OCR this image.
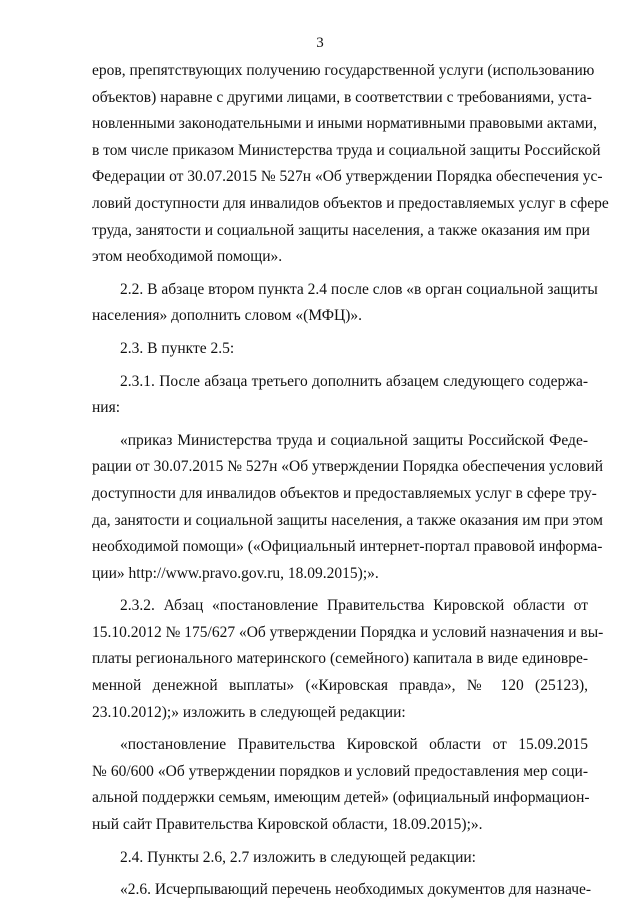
3
еров, препятствующих получению государственной услуги (использованию
объектов) наравне с другими лицами, в соответствии с требованиями, уста-
новленными законодательными и иными нормативными правовыми актами,
в том числе приказом Министерства труда и социальной защиты Российской
Федерации от 30.07.2015 № 527н «Об утверждении Порядка обеспечения ус-
ловий доступности для инвалидов объектов и предоставляемых услуг в сфере
труда, занятости и социальной защиты населения, а также оказания им при
этом необходимой помощи».
2.2. В абзаце втором пункта 2.4 после слов «в орган социальной защиты
населения» дополнить словом «(МФЦ)».
2.3. В пункте 2.5:
2.3.1. После абзаца третьего дополнить абзацем следующего содержа-
ния:
«приказ Министерства труда и социальной защиты Российской Феде-
рации от 30.07.2015 № 527н «Об утверждении Порядка обеспечения условий
доступности для инвалидов объектов и предоставляемых услуг в сфере тру-
да, занятости и социальной защиты населения, а также оказания им при этом
необходимой помощи» («Официальный интернет-портал правовой информа-
ции» http://www.pravo.gov.ru, 18.09.2015);».
2.3.2. Абзац «постановление Правительства Кировской области от
15.10.2012 № 175/627 «Об утверждении Порядка и условий назначения и вы-
платы регионального материнского (семейного) капитала в виде единовре-
менной денежной выплаты» («Кировская правда», № 120 (25123),
23.10.2012);» изложить в следующей редакции:
«постановление Правительства Кировской области от 15.09.2015
№ 60/600 «Об утверждении порядков и условий предоставления мер соци-
альной поддержки семьям, имеющим детей» (официальный информацион-
ный сайт Правительства Кировской области, 18.09.2015);».
2.4. Пункты 2.6, 2.7 изложить в следующей редакции:
«2.6. Исчерпывающий перечень необходимых документов для назначе-
